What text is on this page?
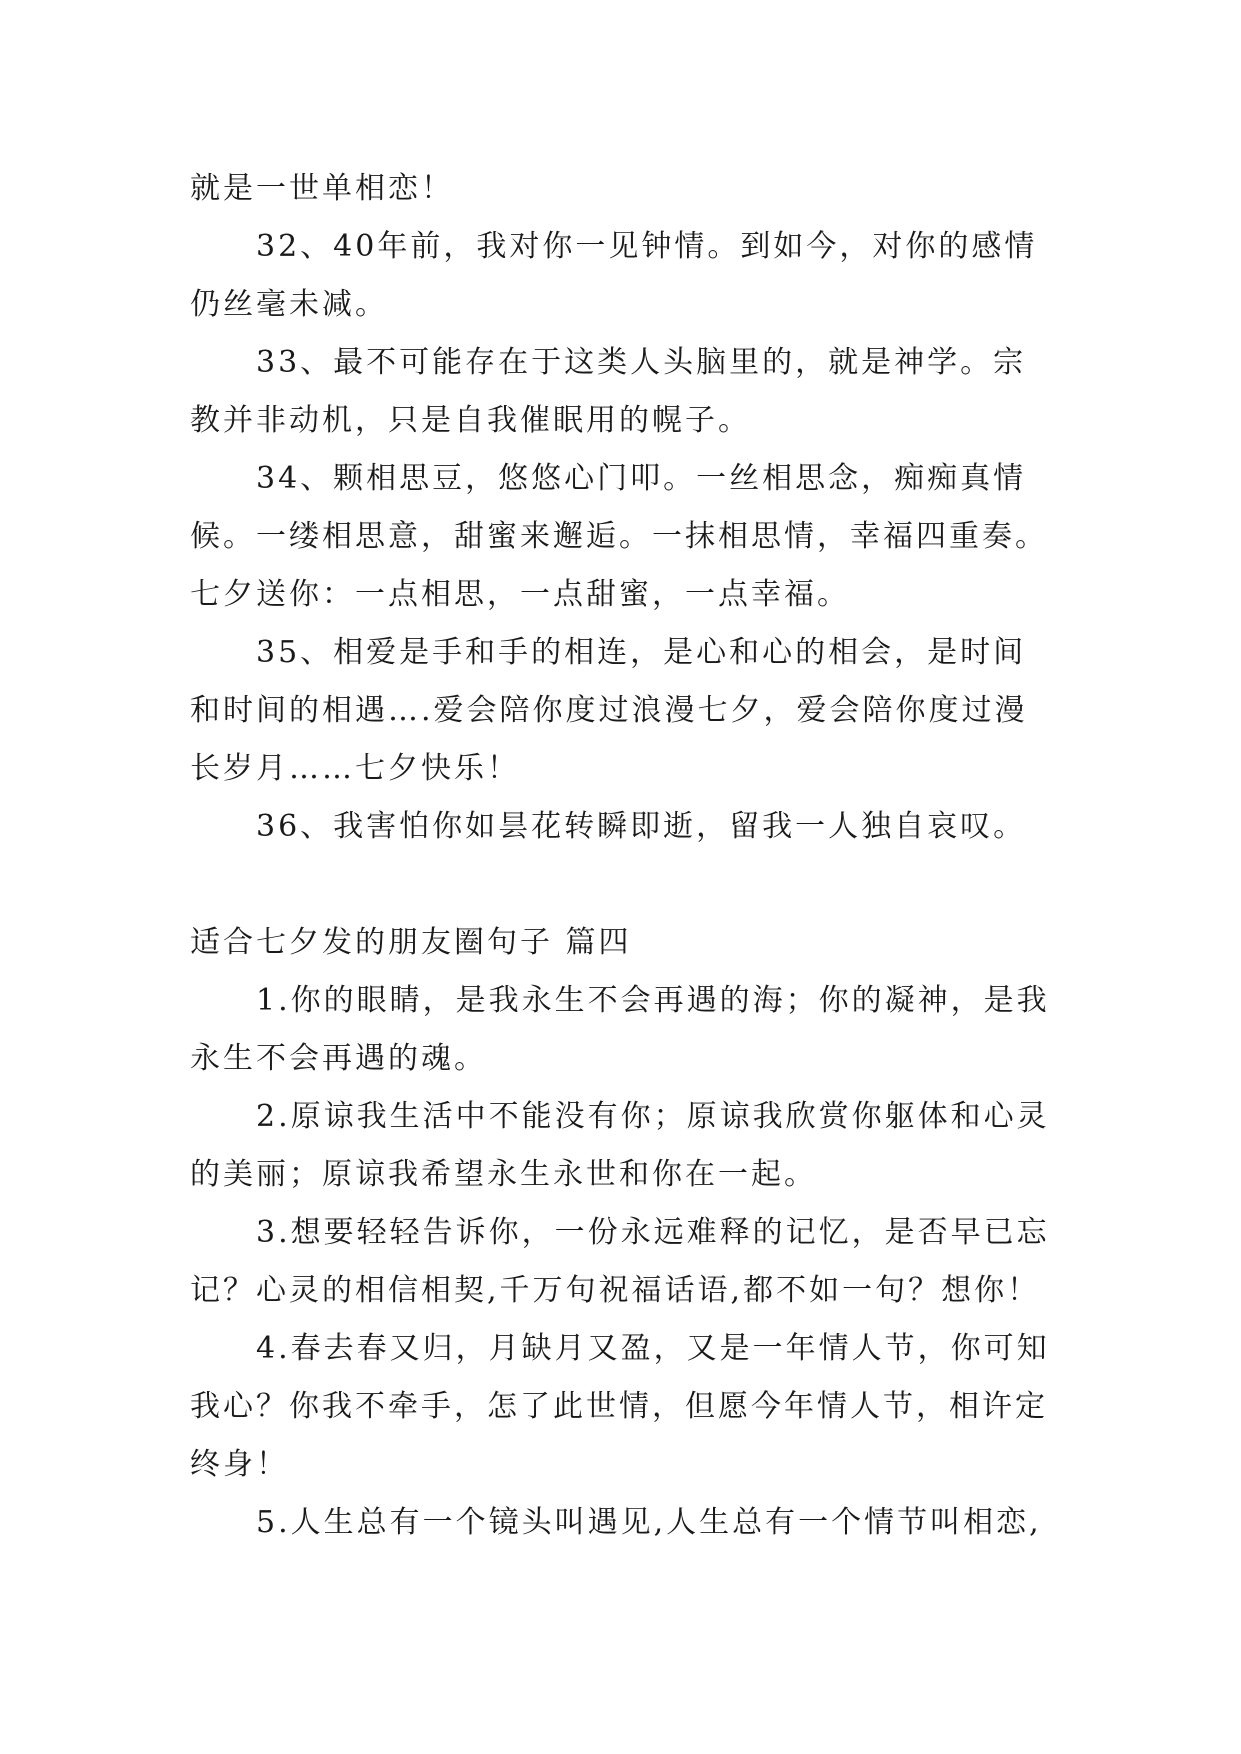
就是一世单相恋！

32、40年前，我对你一见钟情。到如今，对你的感情仍丝毫未减。

33、最不可能存在于这类人头脑里的，就是神学。宗教并非动机，只是自我催眠用的幌子。

34、颗相思豆，悠悠心门叩。一丝相思念，痴痴真情候。一缕相思意，甜蜜来邂逅。一抹相思情，幸福四重奏。七夕送你：一点相思，一点甜蜜，一点幸福。

35、相爱是手和手的相连，是心和心的相会，是时间和时间的相遇….爱会陪你度过浪漫七夕，爱会陪你度过漫长岁月……七夕快乐！

36、我害怕你如昙花转瞬即逝，留我一人独自哀叹。

适合七夕发的朋友圈句子 篇四

1.你的眼睛，是我永生不会再遇的海；你的凝神，是我永生不会再遇的魂。

2.原谅我生活中不能没有你；原谅我欣赏你躯体和心灵的美丽；原谅我希望永生永世和你在一起。

3.想要轻轻告诉你，一份永远难释的记忆，是否早已忘记？心灵的相信相契,千万句祝福话语,都不如一句？想你！

4.春去春又归，月缺月又盈，又是一年情人节，你可知我心？你我不牵手，怎了此世情，但愿今年情人节，相许定终身！

5.人生总有一个镜头叫遇见,人生总有一个情节叫相恋,
